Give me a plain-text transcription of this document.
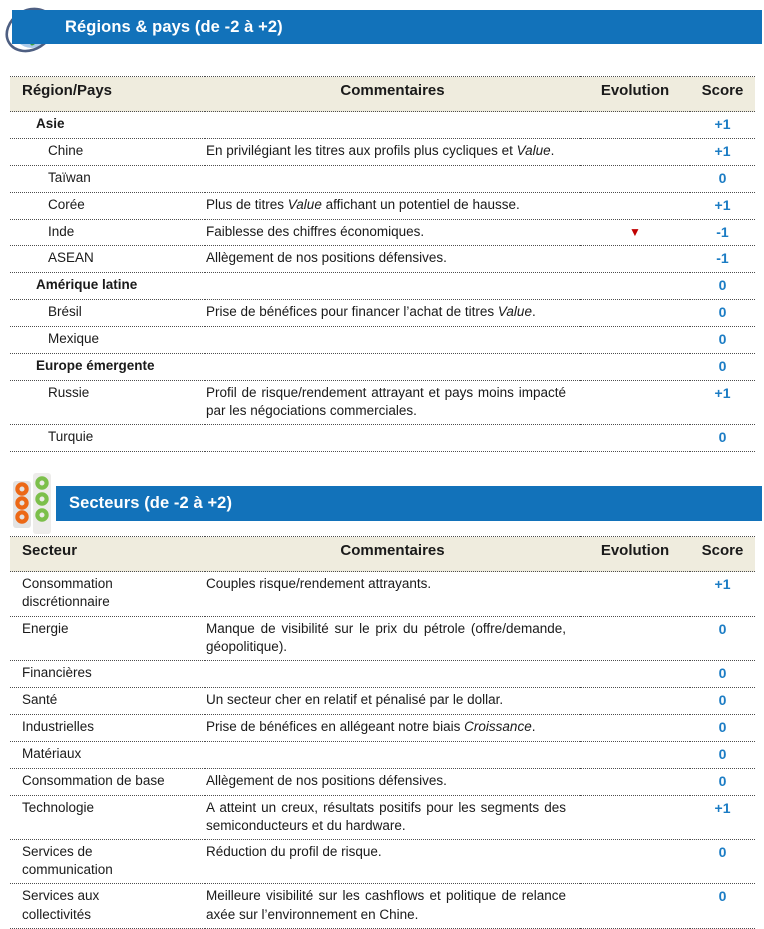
Régions & pays (de -2 à +2)
Région/Pays	Commentaires	Evolution	Score
Asie			+1
Chine	En privilégiant les titres aux profils plus cycliques et Value.		+1
Taïwan			0
Corée	Plus de titres Value affichant un potentiel de hausse.		+1
Inde	Faiblesse des chiffres économiques.	▼	-1
ASEAN	Allègement de nos positions défensives.		-1
Amérique latine			0
Brésil	Prise de bénéfices pour financer l’achat de titres Value.		0
Mexique			0
Europe émergente			0
Russie	Profil de risque/rendement attrayant et pays moins impacté par les négociations commerciales.		+1
Turquie			0
Secteurs (de -2 à +2)
Secteur	Commentaires	Evolution	Score
Consommation discrétionnaire	Couples risque/rendement attrayants.		+1
Energie	Manque de visibilité sur le prix du pétrole (offre/demande, géopolitique).		0
Financières			0
Santé	Un secteur cher en relatif et pénalisé par le dollar.		0
Industrielles	Prise de bénéfices en allégeant notre biais Croissance.		0
Matériaux			0
Consommation de base	Allègement de nos positions défensives.		0
Technologie	A atteint un creux, résultats positifs pour les segments des semiconducteurs et du hardware.		+1
Services de communication	Réduction du profil de risque.		0
Services aux collectivités	Meilleure visibilité sur les cashflows et politique de relance axée sur l’environnement en Chine.		0
